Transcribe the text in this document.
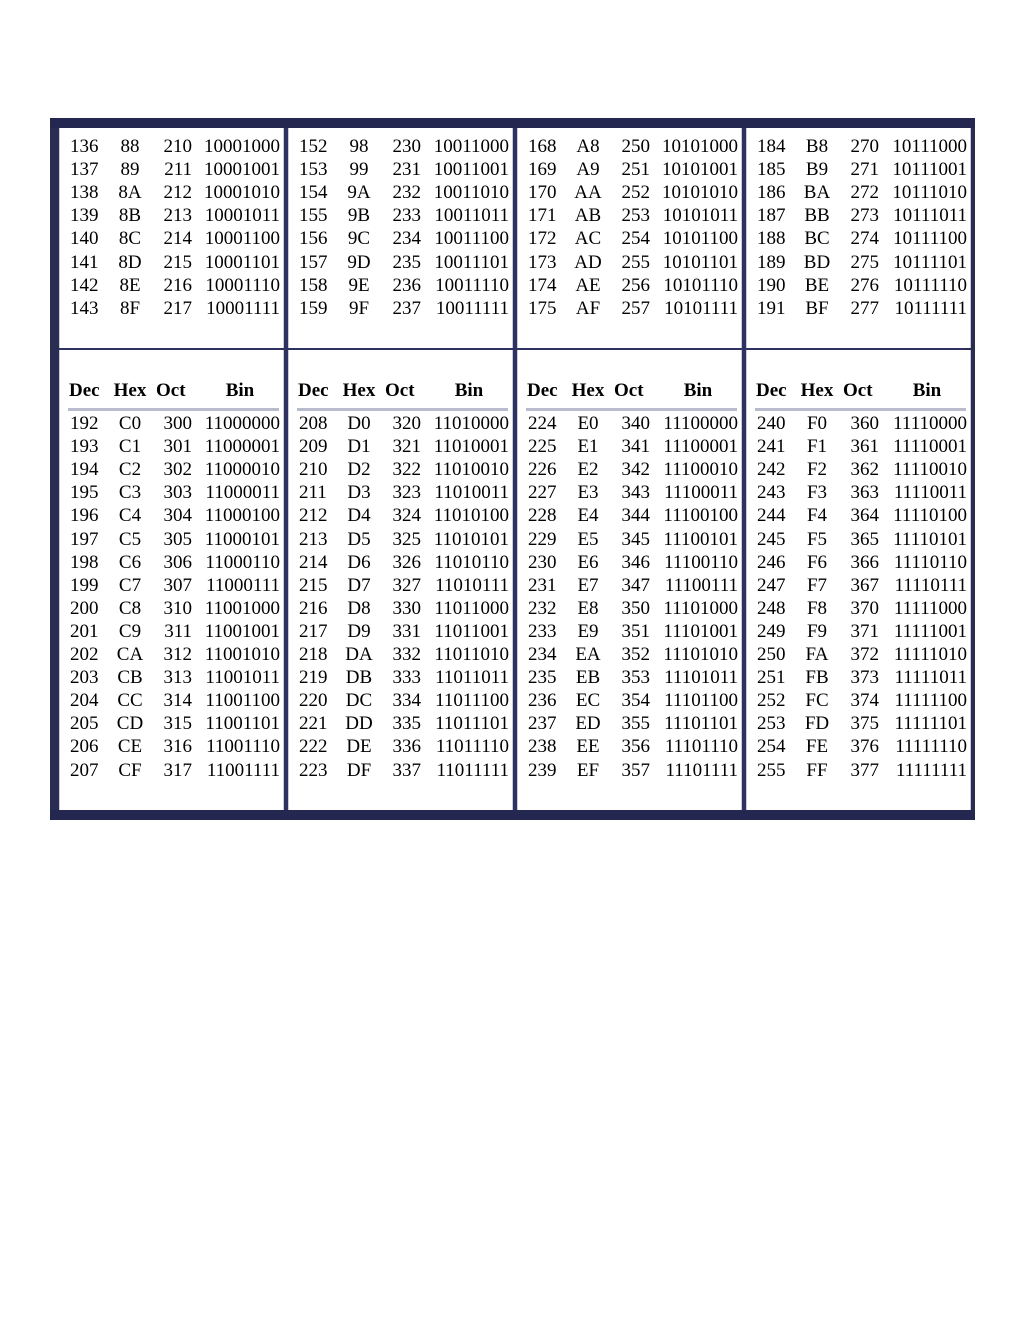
136	88	210 10001000
137	89	211 10001001
138	8A	212 10001010
139	8B	213 10001011
140	8C	214 10001100
141	8D	215 10001101
142	8E	216 10001110
143	8F	217 10001111
152	98	230 10011000
153	99	231 10011001
154	9A	232 10011010
155	9B	233 10011011
156	9C	234 10011100
157	9D	235 10011101
158	9E	236 10011110
159	9F	237 10011111
168	A8	250 10101000
169	A9	251 10101001
170 AA	252 10101010
171 AB	253 10101011
172 AC	254 10101100
173 AD	255 10101101
174 AE	256 10101110
175	AF	257 10101111
184	B8	270 10111000
185	B9	271 10111001
186 BA	272 10111010
187 BB	273 10111011
188 BC	274 10111100
189 BD	275 10111101
190	BE	276 10111110
191	BF	277 10111111
Dec Hex Oct	Bin
192	C0	300 11000000
193	C1	301 11000001
194	C2	302 11000010
195	C3	303 11000011
196	C4	304 11000100
197	C5	305 11000101
198	C6	306 11000110
199	C7	307 11000111
200	C8	310 11001000
201	C9	311 11001001
202 CA	312 11001010
203 CB	313 11001011
204 CC	314 11001100
205 CD	315 11001101
206	CE	316 11001110
207	CF	317 11001111
Dec Hex Oct	Bin
208	D0	320 11010000
209	D1	321 11010001
210	D2	322 11010010
211	D3	323 11010011
212	D4	324 11010100
213	D5	325 11010101
214	D6	326 11010110
215	D7	327 11010111
216	D8	330 11011000
217	D9	331 11011001
218 DA	332 11011010
219 DB	333 11011011
220 DC	334 11011100
221 DD	335 11011101
222 DE	336 11011110
223	DF	337 11011111
Dec Hex Oct	Bin
224	E0	340 11100000
225	E1	341 11100001
226	E2	342 11100010
227	E3	343 11100011
228	E4	344 11100100
229	E5	345 11100101
230	E6	346 11100110
231	E7	347 11100111
232	E8	350 11101000
233	E9	351 11101001
234 EA	352 11101010
235	EB	353 11101011
236	EC	354 11101100
237 ED	355 11101101
238	EE	356 11101110
239	EF	357 11101111
Dec Hex Oct	Bin
240	F0	360 11110000
241	F1	361 11110001
242	F2	362 11110010
243	F3	363 11110011
244	F4	364 11110100
245	F5	365 11110101
246	F6	366 11110110
247	F7	367 11110111
248	F8	370 11111000
249	F9	371 11111001
250	FA	372 11111010
251	FB	373 11111011
252	FC	374 11111100
253	FD	375 11111101
254	FE	376 11111110
255	FF	377 11111111
